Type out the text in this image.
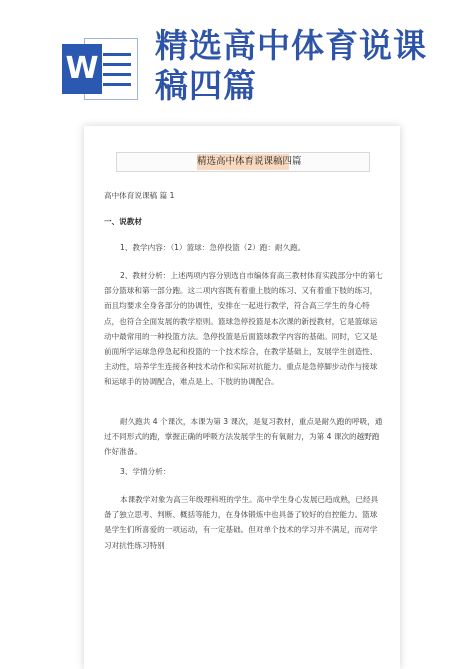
W
精选高中体育说课
稿四篇
精选高中体育说课稿四篇
高中体育说课稿 篇 1
一、说教材
1、教学内容：（1）篮球：急停投篮（2）跑：耐久跑。
2、教材分析：上述两项内容分别选自市编体育高三教材体育实践部分中的第七部分篮球和第一部分跑。这二项内容既有着重上肢的练习、又有着重下肢的练习，而且均要求全身各部分的协调性，安排在一起进行教学，符合高三学生的身心特点，也符合全面发展的教学原则。篮球急停投篮是本次课的新授教材，它是篮球运动中最常用的一种投篮方法。急停投篮是后面篮球教学内容的基础。同时，它又是前面所学运球急停急起和投篮的一个技术综合，在教学基础上，发展学生创造性、主动性，培养学生连接各种技术动作和实际对抗能力。重点是急停脚步动作与接球和运球手的协调配合，难点是上、下肢的协调配合。
耐久跑共 4 个课次，本课为第 3 课次，是复习教材，重点是耐久跑的呼吸，通过不同形式的跑，掌握正确的呼吸方法发展学生的有氧耐力，为第 4 课次的越野跑作好准备。
3、学情分析：
本课教学对象为高三年级理科班的学生。高中学生身心发展已趋成熟，已经具备了独立思考、判断、概括等能力，在身体锻炼中也具备了较好的自控能力。篮球是学生们所喜爱的一项运动，有一定基础。但对单个技术的学习并不满足，而对学习对抗性练习特别
